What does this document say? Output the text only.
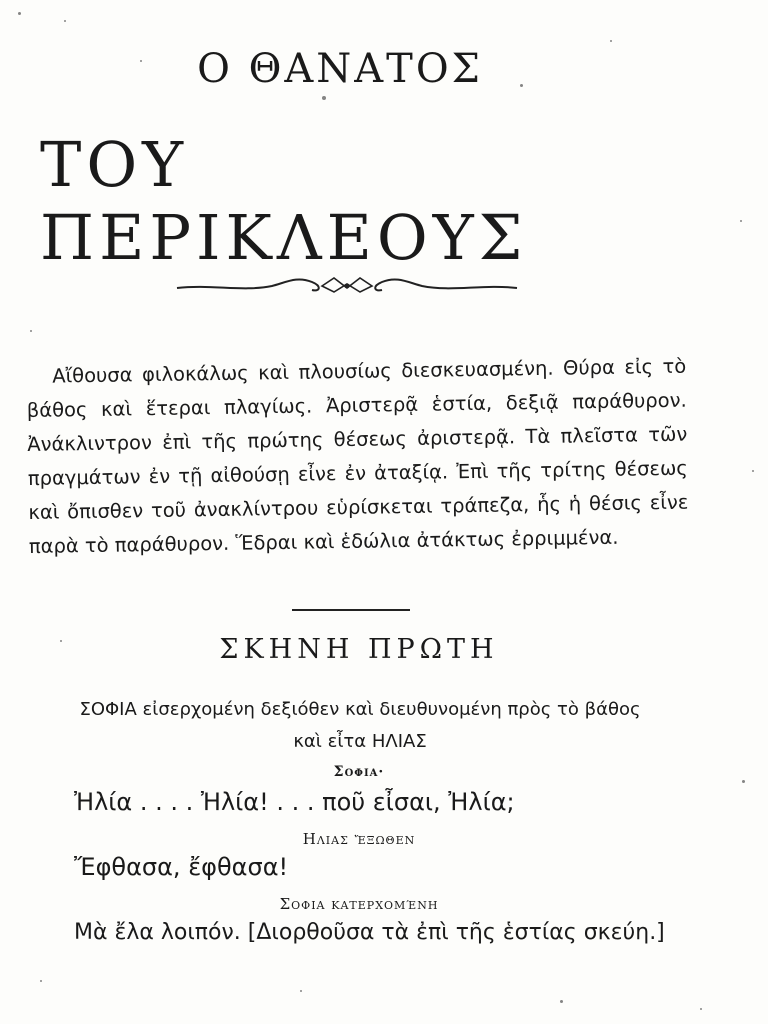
Ο ΘΑΝΑΤΟΣ
ΤΟΥ ΠΕΡΙΚΛΕΟΥΣ
Αἴθουσα φιλοκάλως καὶ πλουσίως διεσκευασμένη. Θύρα εἰς τὸ βάθος καὶ ἕτεραι πλαγίως. Ἀριστερᾷ ἑστία, δεξιᾷ παράθυρον. Ἀνάκλιντρον ἐπὶ τῆς πρώτης θέσεως ἀριστερᾷ. Τὰ πλεῖστα τῶν πραγμάτων ἐν τῇ αἰθούσῃ εἶνε ἐν ἀταξίᾳ. Ἐπὶ τῆς τρίτης θέσεως καὶ ὄπισθεν τοῦ ἀνακλίντρου εὑρίσκεται τράπεζα, ἧς ἡ θέσις εἶνε παρὰ τὸ παράθυρον. Ἕδραι καὶ ἑδώλια ἀτάκτως ἐρριμμένα.
ΣΚΗΝΗ ΠΡΩΤΗ
ΣΟΦΙΑ εἰσερχομένη δεξιόθεν καὶ διευθυνομένη πρὸς τὸ βάθος
καὶ εἶτα ΗΛΙΑΣ
Σοφια·
Ἠλία . . . . Ἠλία! . . . ποῦ εἶσαι, Ἠλία;
Ηλιας ἔξωθεν
Ἔφθασα, ἔφθασα!
Σοφια κατερχομένη
Μὰ ἔλα λοιπόν. [Διορθοῦσα τὰ ἐπὶ τῆς ἑστίας σκεύη.]
